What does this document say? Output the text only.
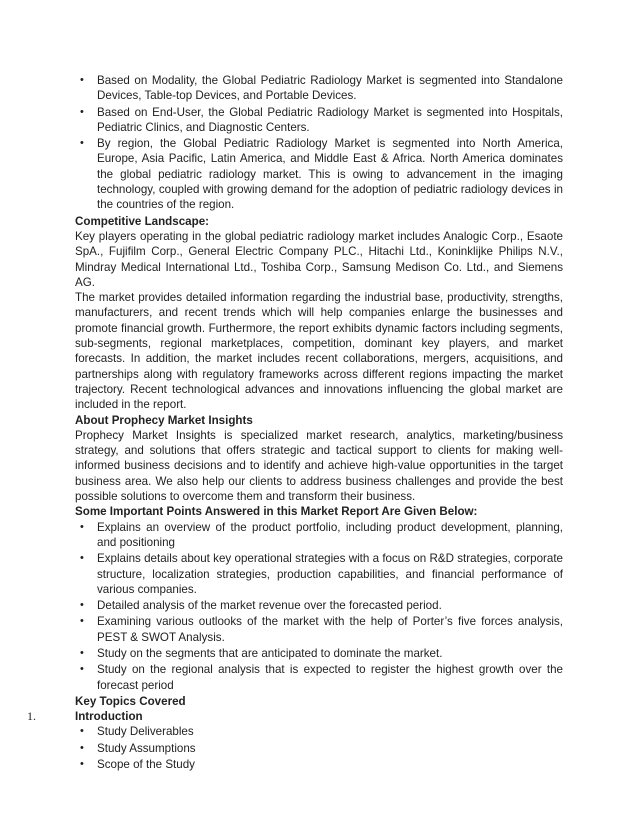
• Based on Modality, the Global Pediatric Radiology Market is segmented into Standalone Devices, Table-top Devices, and Portable Devices.
• Based on End-User, the Global Pediatric Radiology Market is segmented into Hospitals, Pediatric Clinics, and Diagnostic Centers.
• By region, the Global Pediatric Radiology Market is segmented into North America, Europe, Asia Pacific, Latin America, and Middle East & Africa. North America dominates the global pediatric radiology market. This is owing to advancement in the imaging technology, coupled with growing demand for the adoption of pediatric radiology devices in the countries of the region.

Competitive Landscape:

Key players operating in the global pediatric radiology market includes Analogic Corp., Esaote SpA., Fujifilm Corp., General Electric Company PLC., Hitachi Ltd., Koninklijke Philips N.V., Mindray Medical International Ltd., Toshiba Corp., Samsung Medison Co. Ltd., and Siemens AG.

The market provides detailed information regarding the industrial base, productivity, strengths, manufacturers, and recent trends which will help companies enlarge the businesses and promote financial growth. Furthermore, the report exhibits dynamic factors including segments, sub-segments, regional marketplaces, competition, dominant key players, and market forecasts. In addition, the market includes recent collaborations, mergers, acquisitions, and partnerships along with regulatory frameworks across different regions impacting the market trajectory. Recent technological advances and innovations influencing the global market are included in the report.

About Prophecy Market Insights

Prophecy Market Insights is specialized market research, analytics, marketing/business strategy, and solutions that offers strategic and tactical support to clients for making well-informed business decisions and to identify and achieve high-value opportunities in the target business area. We also help our clients to address business challenges and provide the best possible solutions to overcome them and transform their business.

Some Important Points Answered in this Market Report Are Given Below:

• Explains an overview of the product portfolio, including product development, planning, and positioning
• Explains details about key operational strategies with a focus on R&D strategies, corporate structure, localization strategies, production capabilities, and financial performance of various companies.
• Detailed analysis of the market revenue over the forecasted period.
• Examining various outlooks of the market with the help of Porter’s five forces analysis, PEST & SWOT Analysis.
• Study on the segments that are anticipated to dominate the market.
• Study on the regional analysis that is expected to register the highest growth over the forecast period

Key Topics Covered

1.	Introduction

• Study Deliverables
• Study Assumptions
• Scope of the Study
